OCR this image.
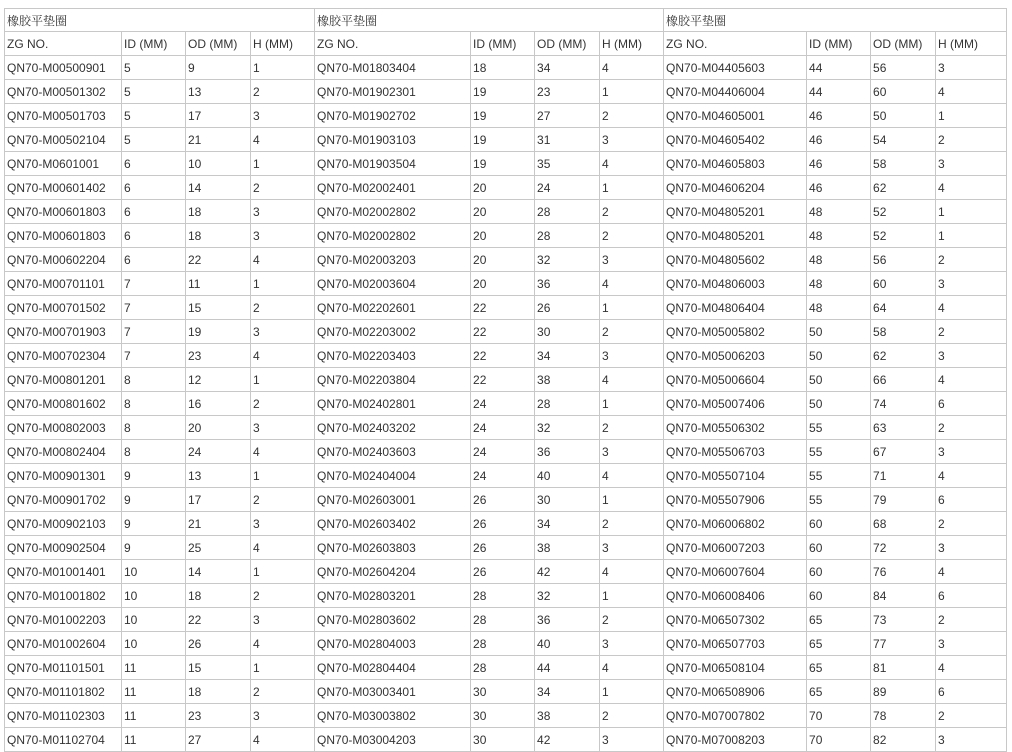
橡胶平垫圈				橡胶平垫圈				橡胶平垫圈			
ZG NO.	ID (MM)	OD (MM)	H (MM)	ZG NO.	ID (MM)	OD (MM)	H (MM)	ZG NO.	ID (MM)	OD (MM)	H (MM)
QN70-M00500901	5	9	1	QN70-M01803404	18	34	4	QN70-M04405603	44	56	3
QN70-M00501302	5	13	2	QN70-M01902301	19	23	1	QN70-M04406004	44	60	4
QN70-M00501703	5	17	3	QN70-M01902702	19	27	2	QN70-M04605001	46	50	1
QN70-M00502104	5	21	4	QN70-M01903103	19	31	3	QN70-M04605402	46	54	2
QN70-M0601001	6	10	1	QN70-M01903504	19	35	4	QN70-M04605803	46	58	3
QN70-M00601402	6	14	2	QN70-M02002401	20	24	1	QN70-M04606204	46	62	4
QN70-M00601803	6	18	3	QN70-M02002802	20	28	2	QN70-M04805201	48	52	1
QN70-M00601803	6	18	3	QN70-M02002802	20	28	2	QN70-M04805201	48	52	1
QN70-M00602204	6	22	4	QN70-M02003203	20	32	3	QN70-M04805602	48	56	2
QN70-M00701101	7	11	1	QN70-M02003604	20	36	4	QN70-M04806003	48	60	3
QN70-M00701502	7	15	2	QN70-M02202601	22	26	1	QN70-M04806404	48	64	4
QN70-M00701903	7	19	3	QN70-M02203002	22	30	2	QN70-M05005802	50	58	2
QN70-M00702304	7	23	4	QN70-M02203403	22	34	3	QN70-M05006203	50	62	3
QN70-M00801201	8	12	1	QN70-M02203804	22	38	4	QN70-M05006604	50	66	4
QN70-M00801602	8	16	2	QN70-M02402801	24	28	1	QN70-M05007406	50	74	6
QN70-M00802003	8	20	3	QN70-M02403202	24	32	2	QN70-M05506302	55	63	2
QN70-M00802404	8	24	4	QN70-M02403603	24	36	3	QN70-M05506703	55	67	3
QN70-M00901301	9	13	1	QN70-M02404004	24	40	4	QN70-M05507104	55	71	4
QN70-M00901702	9	17	2	QN70-M02603001	26	30	1	QN70-M05507906	55	79	6
QN70-M00902103	9	21	3	QN70-M02603402	26	34	2	QN70-M06006802	60	68	2
QN70-M00902504	9	25	4	QN70-M02603803	26	38	3	QN70-M06007203	60	72	3
QN70-M01001401	10	14	1	QN70-M02604204	26	42	4	QN70-M06007604	60	76	4
QN70-M01001802	10	18	2	QN70-M02803201	28	32	1	QN70-M06008406	60	84	6
QN70-M01002203	10	22	3	QN70-M02803602	28	36	2	QN70-M06507302	65	73	2
QN70-M01002604	10	26	4	QN70-M02804003	28	40	3	QN70-M06507703	65	77	3
QN70-M01101501	11	15	1	QN70-M02804404	28	44	4	QN70-M06508104	65	81	4
QN70-M01101802	11	18	2	QN70-M03003401	30	34	1	QN70-M06508906	65	89	6
QN70-M01102303	11	23	3	QN70-M03003802	30	38	2	QN70-M07007802	70	78	2
QN70-M01102704	11	27	4	QN70-M03004203	30	42	3	QN70-M07008203	70	82	3
